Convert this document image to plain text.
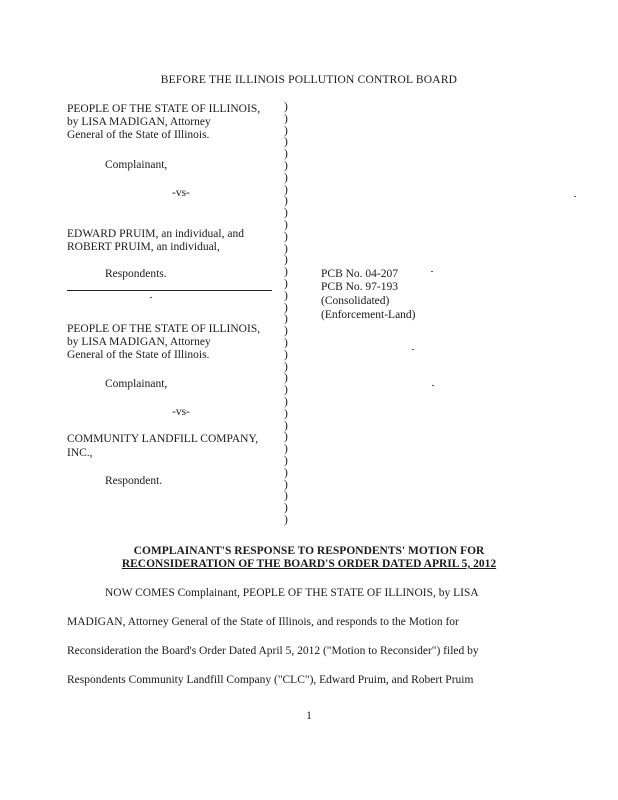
BEFORE THE ILLINOIS POLLUTION CONTROL BOARD
PEOPLE OF THE STATE OF ILLINOIS,
by LISA MADIGAN, Attorney
General of the State of Illinois.
Complainant,
-vs-
EDWARD PRUIM, an individual, and
ROBERT PRUIM, an individual,
Respondents.	PCB No. 04-207
PCB No. 97-193
(Consolidated)
(Enforcement-Land)
PEOPLE OF THE STATE OF ILLINOIS,
by LISA MADIGAN, Attorney
General of the State of Illinois.
Complainant,
-vs-
COMMUNITY LANDFILL COMPANY,
INC.,
Respondent.
)
)
)
)
)
)
)
)
)
)
)
)
)
)
)
)
)
)
)
)
)
)
)
)
)
)
)
)
)
)
)
)
)
)
)
)
COMPLAINANT'S RESPONSE TO RESPONDENTS' MOTION FOR
RECONSIDERATION OF THE BOARD'S ORDER DATED APRIL 5, 2012
NOW COMES Complainant, PEOPLE OF THE STATE OF ILLINOIS, by LISA
MADIGAN, Attorney General of the State of Illinois, and responds to the Motion for
Reconsideration the Board's Order Dated April 5, 2012 ("Motion to Reconsider") filed by
Respondents Community Landfill Company ("CLC"), Edward Pruim, and Robert Pruim
1
